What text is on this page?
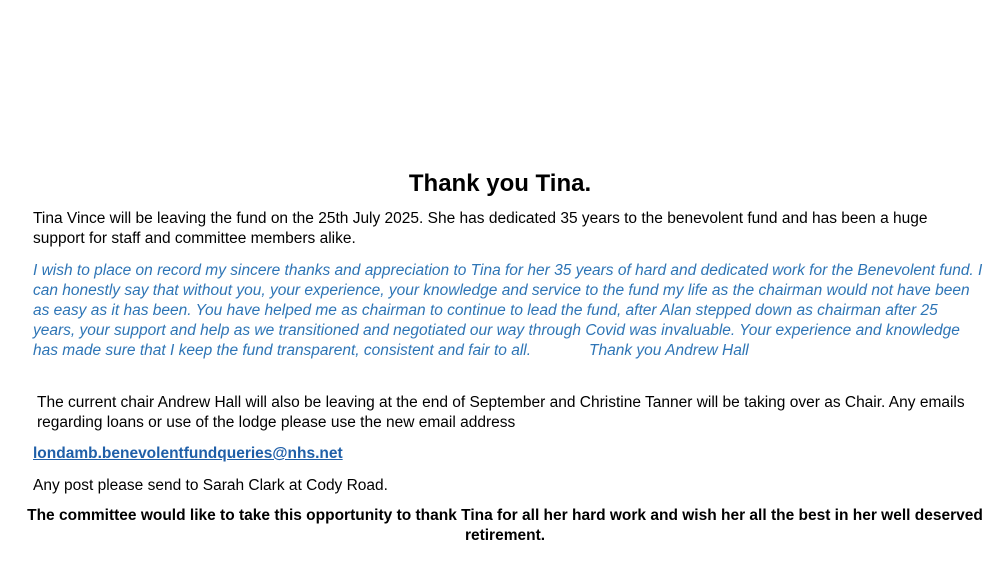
Thank you Tina.
Tina Vince will be leaving the fund on the 25th July 2025. She has dedicated 35 years to the benevolent fund and has been a huge support for staff and committee members alike.
I wish to place on record my sincere thanks and appreciation to Tina for her 35 years of hard and dedicated work for the Benevolent fund. I can honestly say that without you, your experience, your knowledge and service to the fund my life as the chairman would not have been as easy as it has been. You have helped me as chairman to continue to lead the fund, after Alan stepped down as chairman after 25 years, your support and help as we transitioned and negotiated our way through Covid was invaluable. Your experience and knowledge has made sure that I keep the fund transparent, consistent and fair to all.	Thank you Andrew Hall
The current chair Andrew Hall will also be leaving at the end of September and Christine Tanner will be taking over as Chair. Any emails regarding loans or use of the lodge please use the new email address
londamb.benevolentfundqueries@nhs.net
Any post please send to Sarah Clark at Cody Road.
The committee would like to take this opportunity to thank Tina for all her hard work and wish her all the best in her well deserved retirement.
